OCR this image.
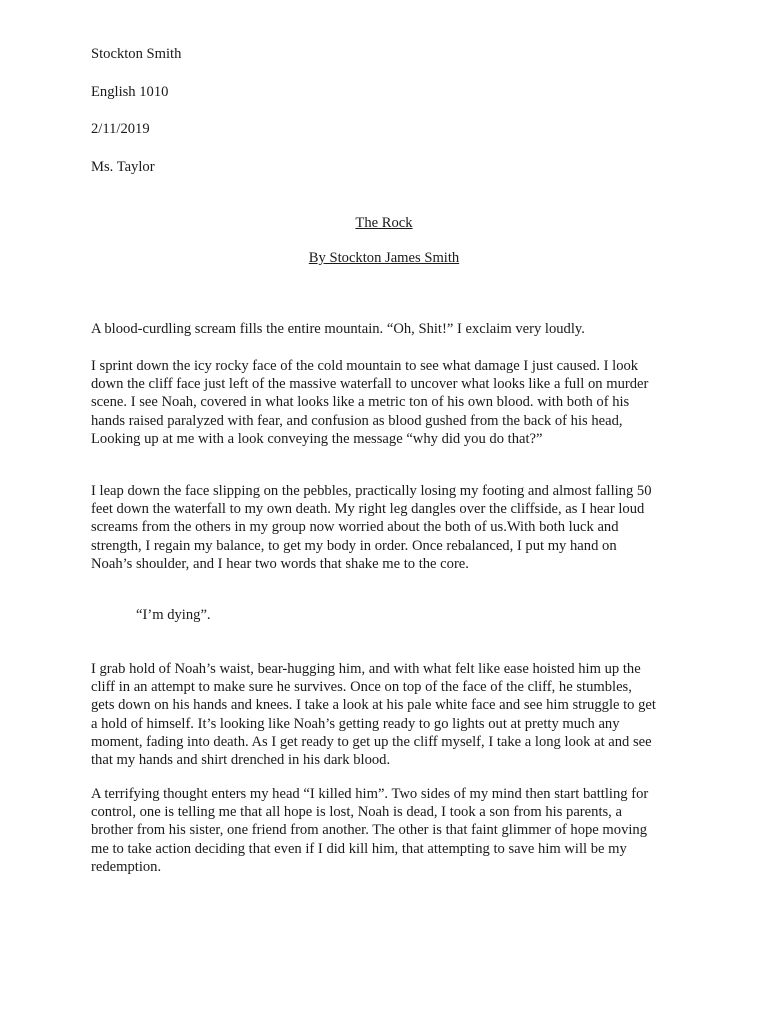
Stockton Smith

English 1010

2/11/2019

Ms. Taylor

The Rock

By Stockton James Smith

A blood-curdling scream fills the entire mountain. “Oh, Shit!” I exclaim very loudly.

I sprint down the icy rocky face of the cold mountain to see what damage I just caused. I look
down the cliff face just left of the massive waterfall to uncover what looks like a full on murder
scene. I see Noah, covered in what looks like a metric ton of his own blood. with both of his
hands raised paralyzed with fear, and confusion as blood gushed from the back of his head,
Looking up at me with a look conveying the message “why did you do that?”

I leap down the face slipping on the pebbles, practically losing my footing and almost falling 50
feet down the waterfall to my own death. My right leg dangles over the cliffside, as I hear loud
screams from the others in my group now worried about the both of us.With both luck and
strength, I regain my balance, to get my body in order. Once rebalanced, I put my hand on
Noah’s shoulder, and I hear two words that shake me to the core.

“I’m dying”.

I grab hold of Noah’s waist, bear-hugging him, and with what felt like ease hoisted him up the
cliff in an attempt to make sure he survives. Once on top of the face of the cliff, he stumbles,
gets down on his hands and knees. I take a look at his pale white face and see him struggle to get
a hold of himself. It’s looking like Noah’s getting ready to go lights out at pretty much any
moment, fading into death. As I get ready to get up the cliff myself, I take a long look at and see
that my hands and shirt drenched in his dark blood.

A terrifying thought enters my head “I killed him”. Two sides of my mind then start battling for
control, one is telling me that all hope is lost, Noah is dead, I took a son from his parents, a
brother from his sister, one friend from another. The other is that faint glimmer of hope moving
me to take action deciding that even if I did kill him, that attempting to save him will be my
redemption.
